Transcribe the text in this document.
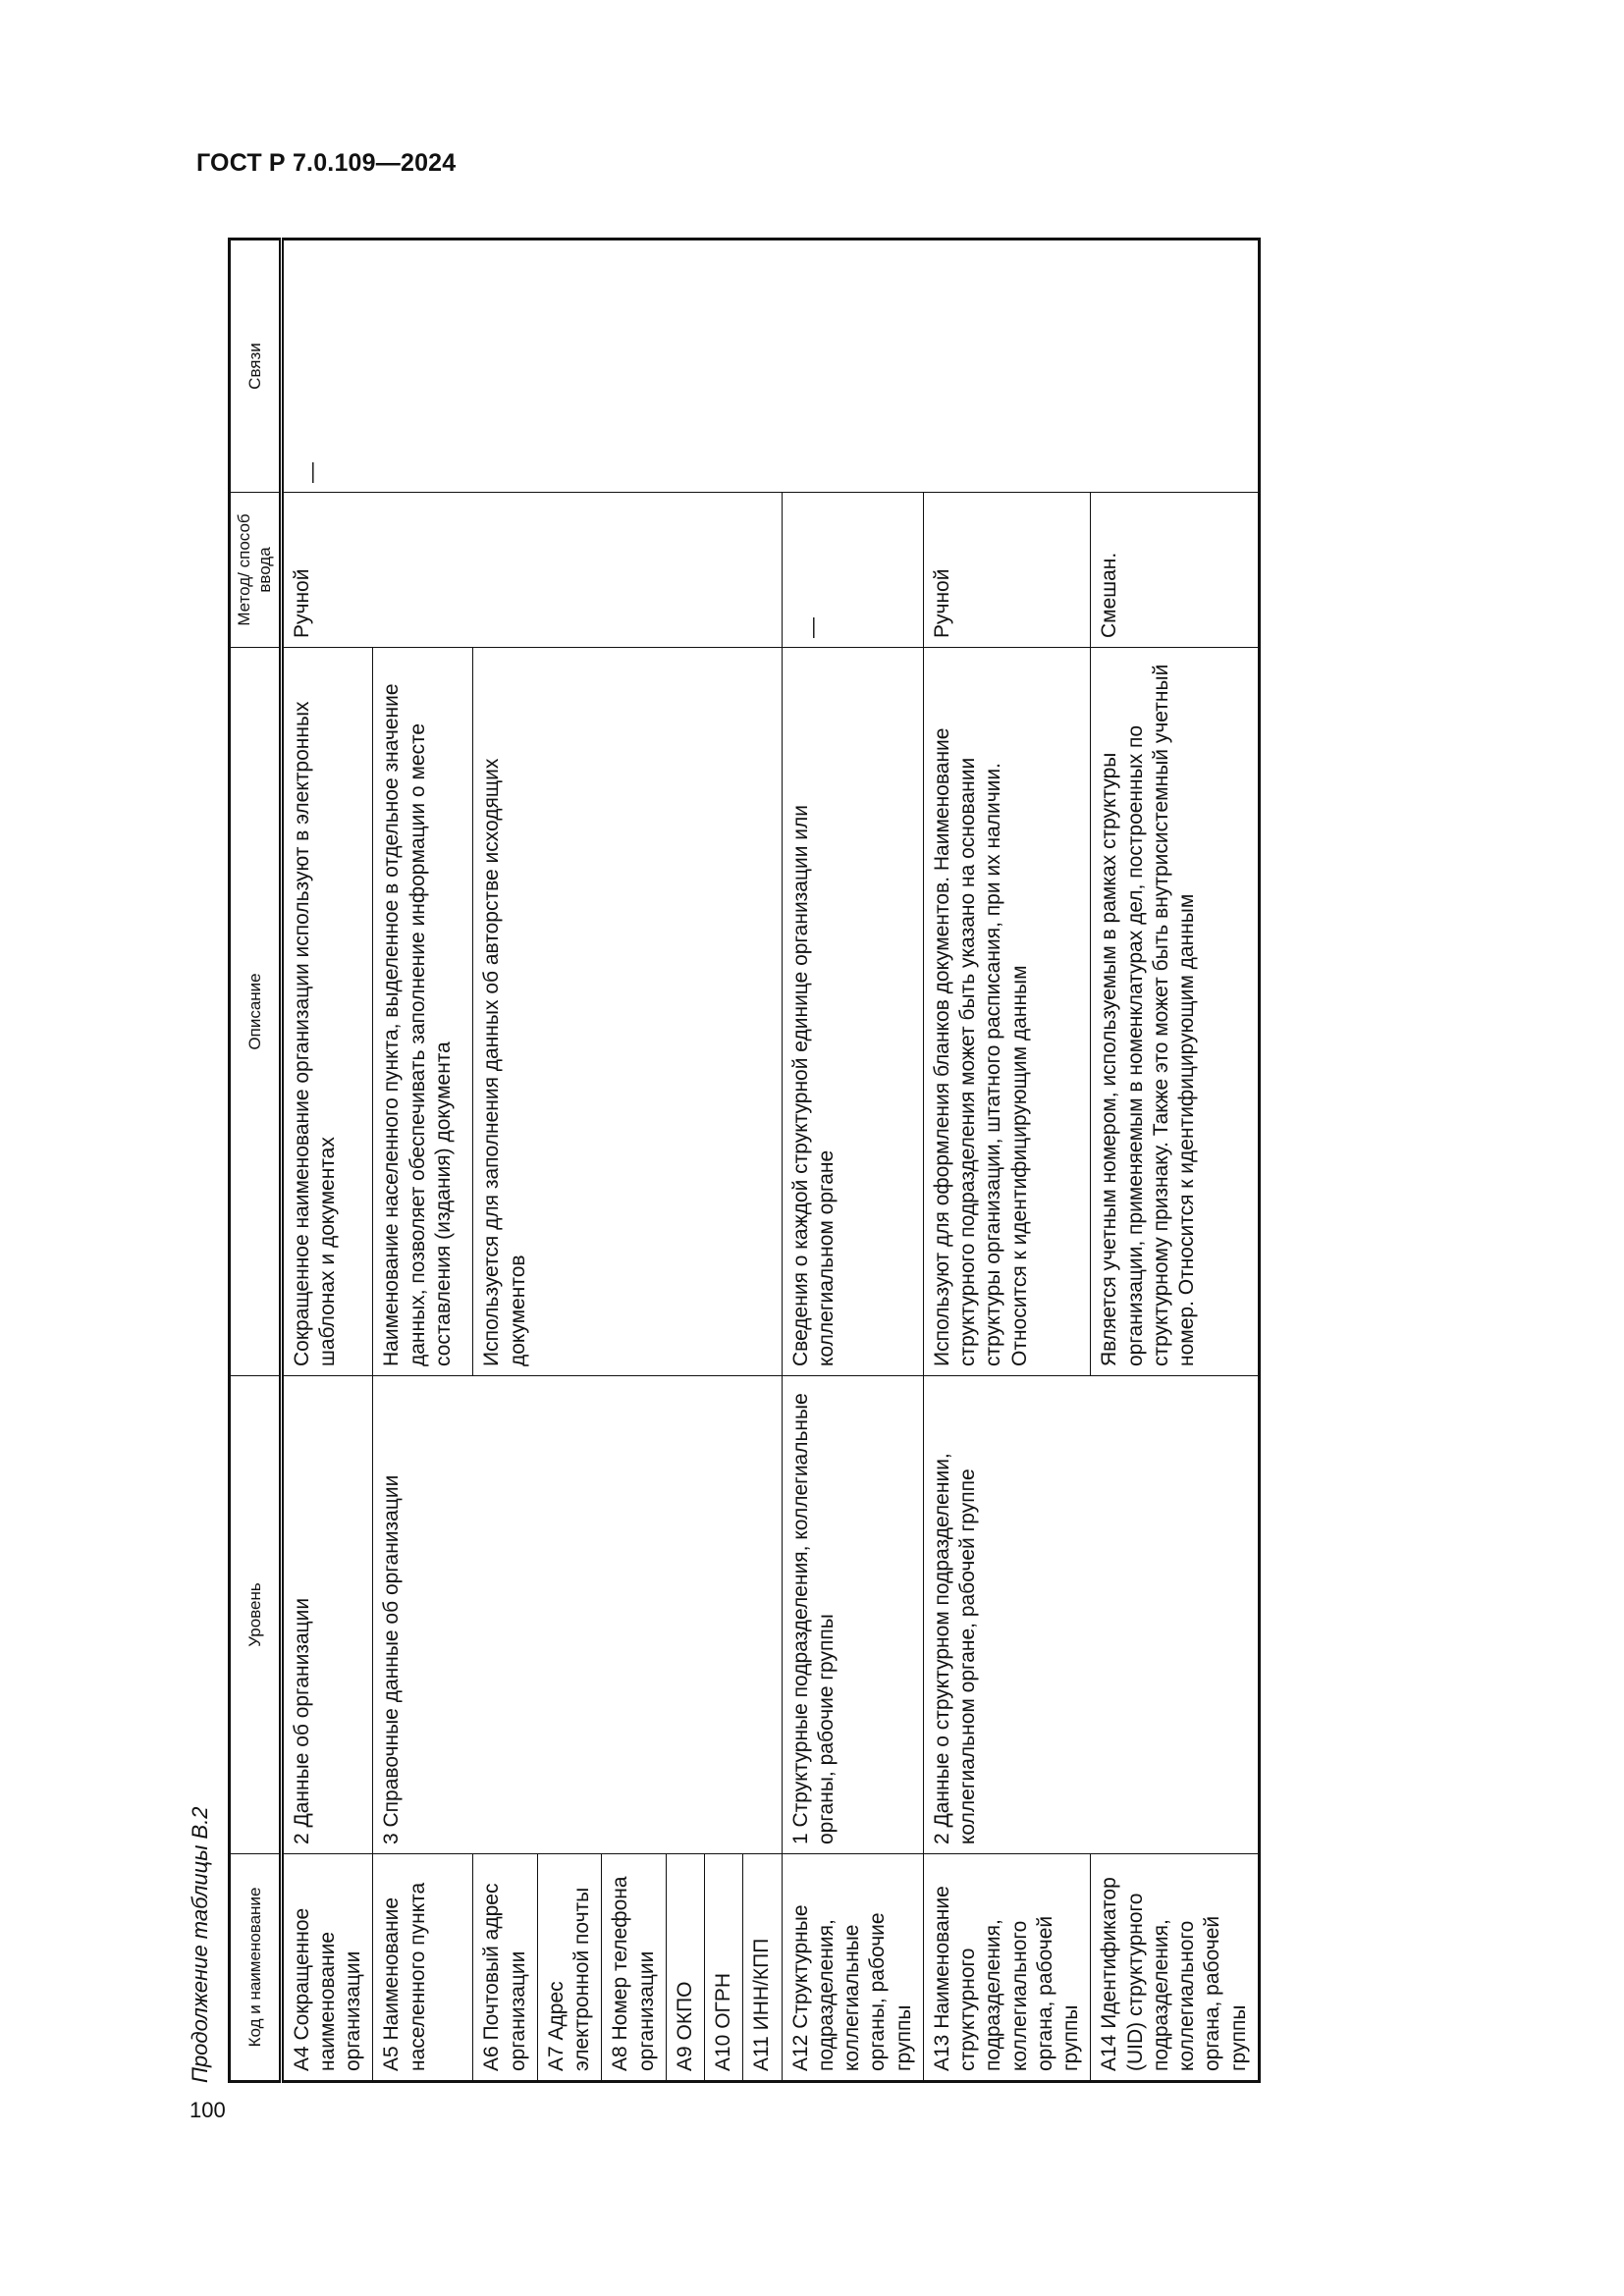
ГОСТ Р 7.0.109—2024
100
Продолжение таблицы В.2 Код и наименование	Уровень	Описание	Метод/ способ ввода	Связи
А4 Сокращенное наименование организации	2 Данные об организации	Сокращенное наименование организации используют в электронных шаблонах и документах	Ручной	—
А5 Наименование населенного пункта	3 Справочные данные об организации	Наименование населенного пункта, выделенное в отдельное значение данных, позволяет обеспечивать заполнение информации о месте составления (издания) документа		
А6 Почтовый адрес организации		Используется для заполнения данных об авторстве исходящих документов		
А7 Адрес электронной почты				
А8 Номер телефона организации				
А9 ОКПО				
А10 ОГРН				
А11 ИНН/КПП				
А12 Структурные подразделения, коллегиальные органы, рабочие группы	1 Структурные подразделения, коллегиальные органы, рабочие группы	Сведения о каждой структурной единице организации или коллегиальном органе	—	
А13 Наименование структурного подразделения, коллегиального органа, рабочей группы	2 Данные о структурном подразделении, коллегиальном органе, рабочей группе	Используют для оформления бланков документов. Наименование структурного подразделения может быть указано на основании структуры организации, штатного расписания, при их наличии. Относится к идентифицирующим данным	Ручной	
А14 Идентификатор (UID) структурного подразделения, коллегиального органа, рабочей группы		Является учетным номером, используемым в рамках структуры организации, применяемым в номенклатурах дел, построенных по структурному признаку. Также это может быть внутрисистемный учетный номер. Относится к идентифицирующим данным	Смешан.	
